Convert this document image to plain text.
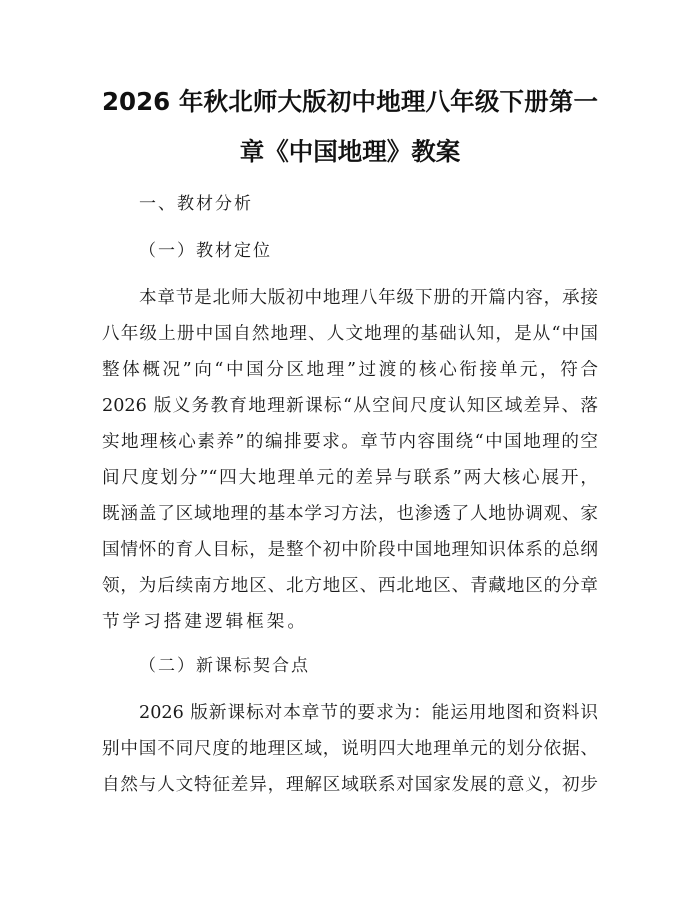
2026 年秋北师大版初中地理八年级下册第一
章《中国地理》教案
一、教材分析
（一）教材定位
本章节是北师大版初中地理八年级下册的开篇内容，承接
八年级上册中国自然地理、人文地理的基础认知，是从“中国
整体概况”向“中国分区地理”过渡的核心衔接单元，符合
2026 版义务教育地理新课标“从空间尺度认知区域差异、落
实地理核心素养”的编排要求。章节内容围绕“中国地理的空
间尺度划分”“四大地理单元的差异与联系”两大核心展开，
既涵盖了区域地理的基本学习方法，也渗透了人地协调观、家
国情怀的育人目标，是整个初中阶段中国地理知识体系的总纲
领，为后续南方地区、北方地区、西北地区、青藏地区的分章
节学习搭建逻辑框架。
（二）新课标契合点
2026 版新课标对本章节的要求为：能运用地图和资料识
别中国不同尺度的地理区域，说明四大地理单元的划分依据、
自然与人文特征差异，理解区域联系对国家发展的意义，初步
